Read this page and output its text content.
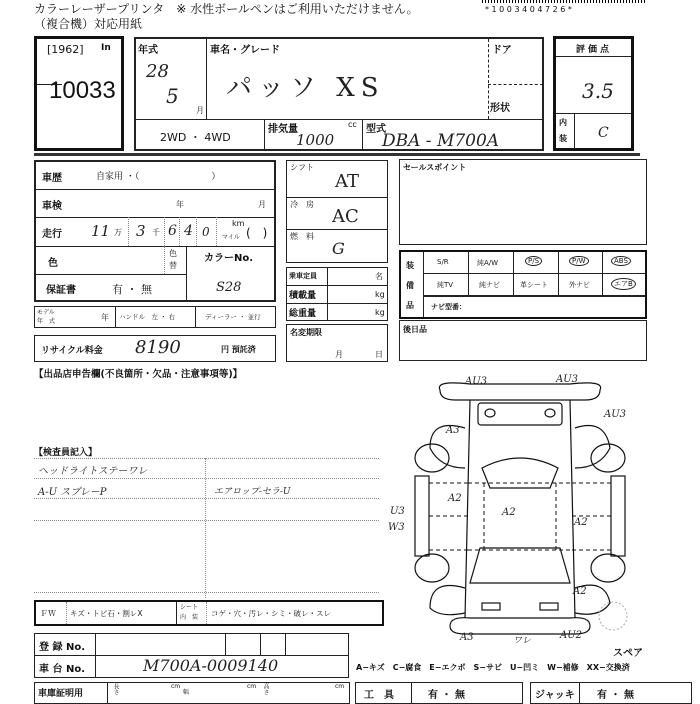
カラーレーザープリンタ　※ 水性ボールペンはご利用いただけません。
（複合機）対応用紙
* 1 0 0 3 4 0 4 7 2 6 *
[1962] In
10033
年式
28
5
月
車名・グレード
パッソ XS
ドア
形状
2WD ・ 4WD
排気量	cc
1000
型式
DBA - M700A
評価点
3.5
内
装 C
車歴	自家用 ・（　　　　　　　　）
車検	年	月
走行 11 万 3 千 6 4 0
km
マイル (　)
色
色
替
カラーNo.
S28
保証書	有 ・ 無
モデル
年　式	年 ハンドル　左 ・ 右	ディーラー ・ 並行
リサイクル料金 8190	円 預託済
【出品店申告欄(不良箇所・欠品・注意事項等)】
シフト
AT
冷　房
AC
燃　料
G
乗車定員	名
積載量	kg
総重量	kg
名変期限
月	日
セールスポイント
装
備
品
S/R	純A/W	P/S	P/W	ABS
純TV	純ナビ	革シート	外ナビ	エアB
ナビ型番：
後日品
【検査員記入】
ヘッドライトステーワレ
A-U スプレーP	エアロップ-セラ-U
AU3	AU3
AU3
A3
A2
A2
A2
U3
W3
A2
A3	ワレ	AU2
スペア
ＦＷ キズ・トビ石・割レX
シート
内　装 コゲ・穴・汚レ・シミ・破レ・スレ
登 録 No.
車 台 No.	M700A-0009140
車庫証明用	長さ	cm
幅
cm 高さ	cm
A−キズ　C−腐食　E−エクボ　S−サビ　U−凹ミ　W−補修　XX−交換済
工　具	有 ・ 無	ジャッキ 有 ・ 無
